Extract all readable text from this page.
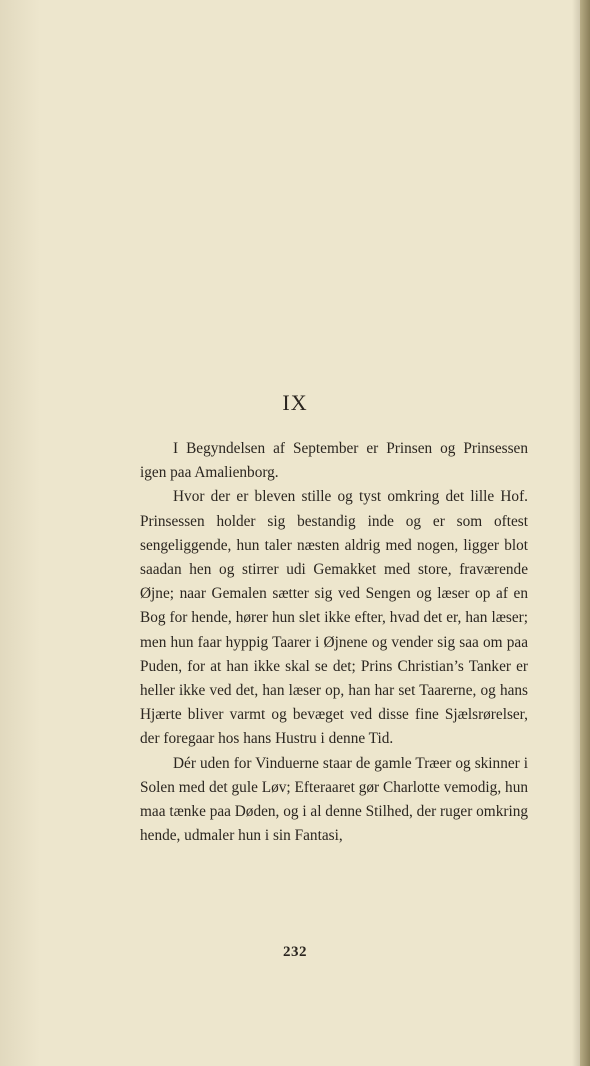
IX

I Begyndelsen af September er Prinsen og Prinsessen igen paa Amalienborg.

Hvor der er bleven stille og tyst omkring det lille Hof. Prinsessen holder sig bestandig inde og er som oftest sengeliggende, hun taler næsten aldrig med nogen, ligger blot saadan hen og stirrer udi Gemakket med store, fraværende Øjne; naar Gemalen sætter sig ved Sengen og læser op af en Bog for hende, hører hun slet ikke efter, hvad det er, han læser; men hun faar hyppig Taarer i Øjnene og vender sig saa om paa Puden, for at han ikke skal se det; Prins Christian’s Tanker er heller ikke ved det, han læser op, han har set Taarerne, og hans Hjærte bliver varmt og bevæget ved disse fine Sjælsrørelser, der foregaar hos hans Hustru i denne Tid.

Dér uden for Vinduerne staar de gamle Træer og skinner i Solen med det gule Løv; Efteraaret gør Charlotte vemodig, hun maa tænke paa Døden, og i al denne Stilhed, der ruger omkring hende, udmaler hun i sin Fantasi,

232
